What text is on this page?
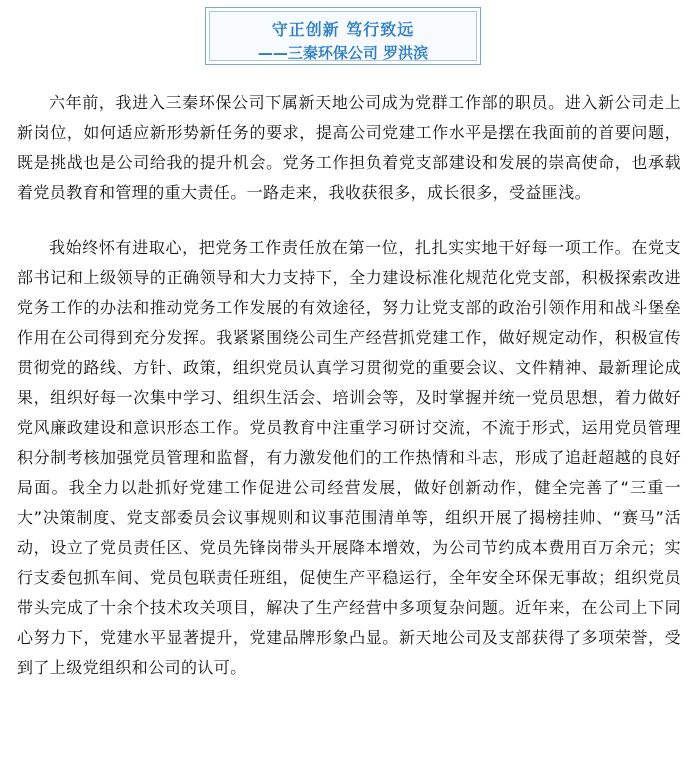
守正创新 笃行致远
——三秦环保公司 罗洪滨

六年前，我进入三秦环保公司下属新天地公司成为党群工作部的职员。进入新公司走上新岗位，如何适应新形势新任务的要求，提高公司党建工作水平是摆在我面前的首要问题，既是挑战也是公司给我的提升机会。党务工作担负着党支部建设和发展的崇高使命，也承载着党员教育和管理的重大责任。一路走来，我收获很多，成长很多，受益匪浅。

我始终怀有进取心，把党务工作责任放在第一位，扎扎实实地干好每一项工作。在党支部书记和上级领导的正确领导和大力支持下，全力建设标准化规范化党支部，积极探索改进党务工作的办法和推动党务工作发展的有效途径，努力让党支部的政治引领作用和战斗堡垒作用在公司得到充分发挥。我紧紧围绕公司生产经营抓党建工作，做好规定动作，积极宣传贯彻党的路线、方针、政策，组织党员认真学习贯彻党的重要会议、文件精神、最新理论成果，组织好每一次集中学习、组织生活会、培训会等，及时掌握并统一党员思想，着力做好党风廉政建设和意识形态工作。党员教育中注重学习研讨交流，不流于形式，运用党员管理积分制考核加强党员管理和监督，有力激发他们的工作热情和斗志，形成了追赶超越的良好局面。我全力以赴抓好党建工作促进公司经营发展，做好创新动作，健全完善了“三重一大”决策制度、党支部委员会议事规则和议事范围清单等，组织开展了揭榜挂帅、“赛马”活动，设立了党员责任区、党员先锋岗带头开展降本增效，为公司节约成本费用百万余元；实行支委包抓车间、党员包联责任班组，促使生产平稳运行，全年安全环保无事故；组织党员带头完成了十余个技术攻关项目，解决了生产经营中多项复杂问题。近年来，在公司上下同心努力下，党建水平显著提升，党建品牌形象凸显。新天地公司及支部获得了多项荣誉，受到了上级党组织和公司的认可。
